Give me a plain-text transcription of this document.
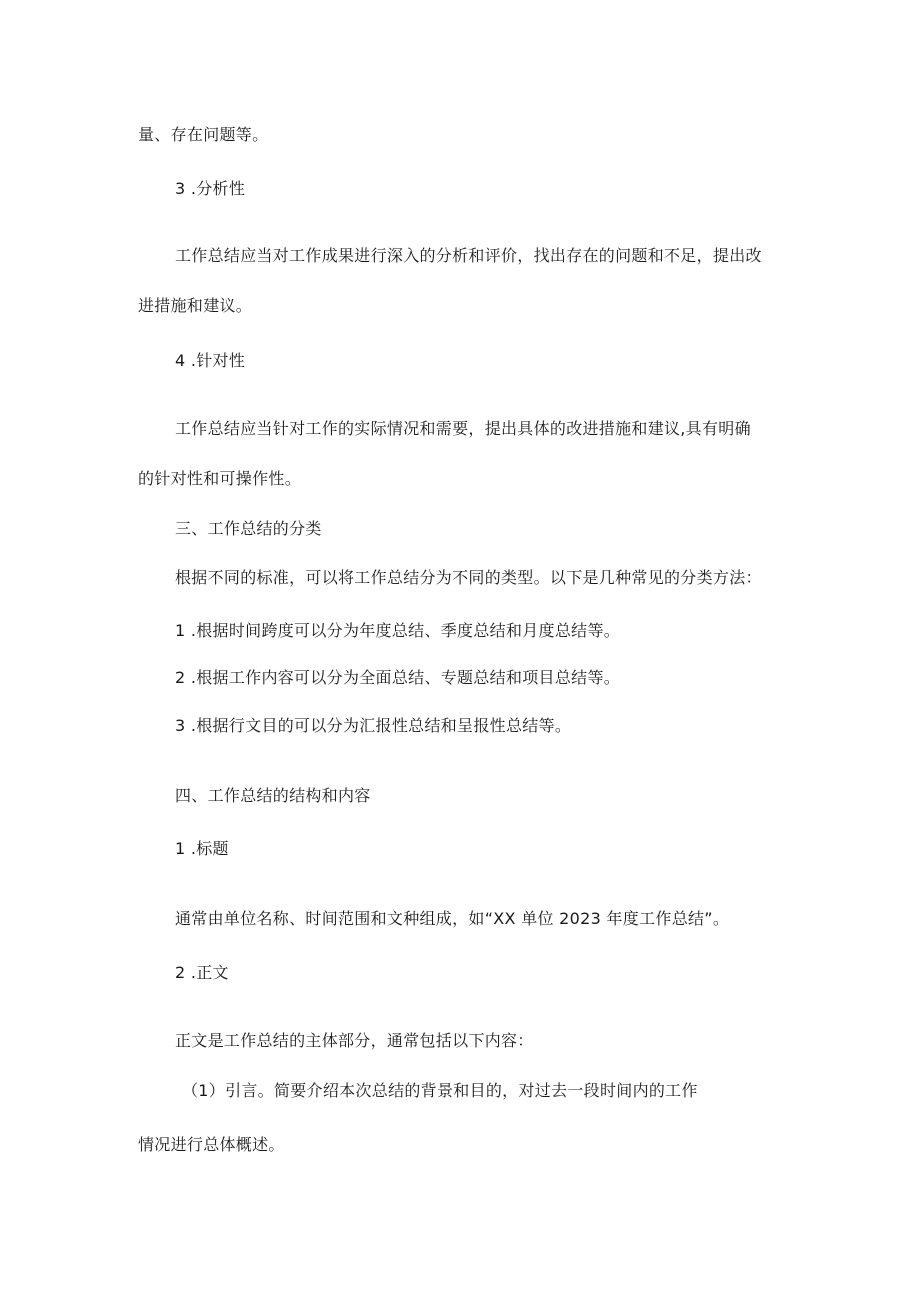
量、存在问题等。
3 .分析性
工作总结应当对工作成果进行深入的分析和评价，找出存在的问题和不足，提出改
进措施和建议。
4 .针对性
工作总结应当针对工作的实际情况和需要，提出具体的改进措施和建议,具有明确
的针对性和可操作性。
三、工作总结的分类
根据不同的标准，可以将工作总结分为不同的类型。以下是几种常见的分类方法：
1 .根据时间跨度可以分为年度总结、季度总结和月度总结等。
2 .根据工作内容可以分为全面总结、专题总结和项目总结等。
3 .根据行文目的可以分为汇报性总结和呈报性总结等。
四、工作总结的结构和内容
1 .标题
通常由单位名称、时间范围和文种组成，如“XX 单位 2023 年度工作总结”。
2 .正文
正文是工作总结的主体部分，通常包括以下内容：
（1）引言。简要介绍本次总结的背景和目的，对过去一段时间内的工作
情况进行总体概述。
